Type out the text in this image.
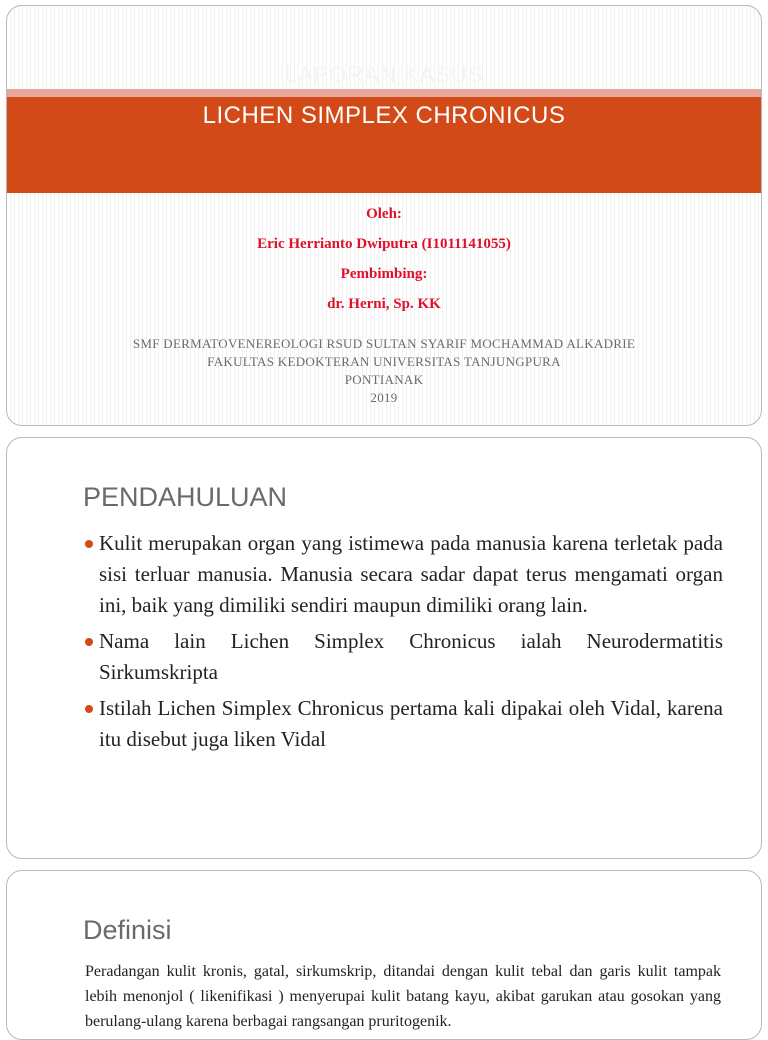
LAPORAN KASUS
LICHEN SIMPLEX CHRONICUS
Oleh:
Eric Herrianto Dwiputra (I1011141055)
Pembimbing:
dr. Herni, Sp. KK
SMF DERMATOVENEREOLOGI RSUD SULTAN SYARIF MOCHAMMAD ALKADRIE
FAKULTAS KEDOKTERAN UNIVERSITAS TANJUNGPURA
PONTIANAK
2019
PENDAHULUAN
Kulit merupakan organ yang istimewa pada manusia karena terletak pada sisi terluar manusia. Manusia secara sadar dapat terus mengamati organ ini, baik yang dimiliki sendiri maupun dimiliki orang lain.
Nama lain Lichen Simplex Chronicus ialah Neurodermatitis Sirkumskripta
Istilah Lichen Simplex Chronicus pertama kali dipakai oleh Vidal, karena itu disebut juga liken Vidal
Definisi
Peradangan kulit kronis, gatal, sirkumskrip, ditandai dengan kulit tebal dan garis kulit tampak lebih menonjol ( likenifikasi ) menyerupai kulit batang kayu, akibat garukan atau gosokan yang berulang-ulang karena berbagai rangsangan pruritogenik.
